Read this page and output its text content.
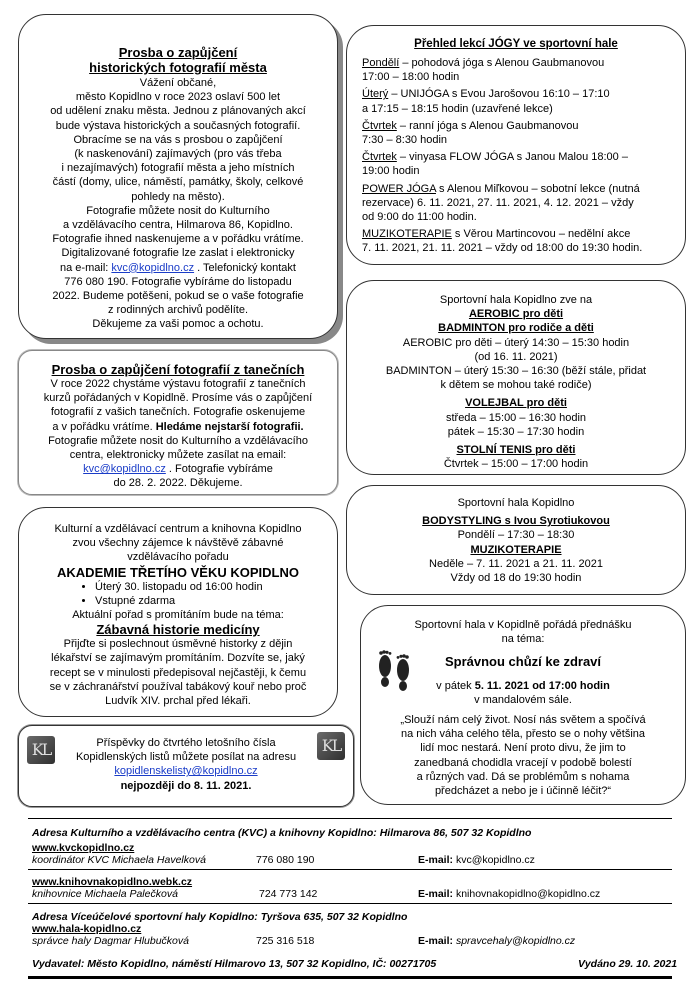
Prosba o zapůjčení

historických fotografií města

Vážení občané,

město Kopidlno v roce 2023 oslaví 500 let

od udělení znaku města. Jednou z plánovaných akcí

bude výstava historických a současných fotografií.

Obracíme se na vás s prosbou o zapůjčení

(k naskenování) zajímavých (pro vás třeba

i nezajímavých) fotografií města a jeho místních

částí (domy, ulice, náměstí, památky, školy, celkové

pohledy na město).

Fotografie můžete nosit do Kulturního

a vzdělávacího centra, Hilmarova 86, Kopidlno.

Fotografie ihned naskenujeme a v pořádku vrátíme.

Digitalizované fotografie lze zaslat i elektronicky

na e-mail: kvc@kopidlno.cz . Telefonický kontakt

776 080 190. Fotografie vybíráme do listopadu

2022. Budeme potěšeni, pokud se o vaše fotografie

z rodinných archivů podělíte.

Děkujeme za vaši pomoc a ochotu.

Prosba o zapůjčení fotografií z tanečních

V roce 2022 chystáme výstavu fotografií z tanečních

kurzů pořádaných v Kopidlně. Prosíme vás o zapůjčení

fotografií z vašich tanečních. Fotografie oskenujeme

a v pořádku vrátíme. Hledáme nejstarší fotografii.

Fotografie můžete nosit do Kulturního a vzdělávacího

centra, elektronicky můžete zasílat na email:

kvc@kopidlno.cz . Fotografie vybíráme

do 28. 2. 2022. Děkujeme.

Kulturní a vzdělávací centrum a knihovna Kopidlno

zvou všechny zájemce k návštěvě zábavné

vzdělávacího pořadu

AKADEMIE TŘETÍHO VĚKU KOPIDLNO

• Úterý 30. listopadu od 16:00 hodin
• Vstupné zdarma

Aktuální pořad s promítáním bude na téma:

Zábavná historie medicíny

Přijďte si poslechnout úsměvné historky z dějin

lékařství se zajímavým promítáním. Dozvíte se, jaký

recept se v minulosti předepisoval nejčastěji, k čemu

se v záchranářství používal tabákový kouř nebo proč

Ludvík XIV. prchal před lékaři.

KL	KL

Příspěvky do čtvrtého letošního čísla

Kopidlenských listů můžete posílat na adresu

kopidlenskelisty@kopidlno.cz

nejpozději do 8. 11. 2021.

Přehled lekcí JÓGY ve sportovní hale

Pondělí – pohodová jóga s Alenou Gaubmanovou

17:00 – 18:00 hodin

Úterý – UNIJÓGA s Evou Jarošovou 16:10 – 17:10

a 17:15 – 18:15 hodin (uzavřené lekce)

Čtvrtek – ranní jóga s Alenou Gaubmanovou

7:30 – 8:30 hodin

Čtvrtek – vinyasa FLOW JÓGA s Janou Malou 18:00 –

19:00 hodin

POWER JÓGA s Alenou Miľkovou – sobotní lekce (nutná

rezervace) 6. 11. 2021, 27. 11. 2021, 4. 12. 2021 – vždy

od 9:00 do 11:00 hodin.

MUZIKOTERAPIE s Věrou Martincovou – nedělní akce

7. 11. 2021, 21. 11. 2021 – vždy od 18:00 do 19:30 hodin.

Sportovní hala Kopidlno zve na

AEROBIC pro děti

BADMINTON pro rodiče a děti

AEROBIC pro děti – úterý 14:30 – 15:30 hodin

(od 16. 11. 2021)

BADMINTON – úterý 15:30 – 16:30 (běží stále, přidat

k dětem se mohou také rodiče)

VOLEJBAL pro děti

středa – 15:00 – 16:30 hodin

pátek – 15:30 – 17:30 hodin

STOLNÍ TENIS pro děti

Čtvrtek – 15:00 – 17:00 hodin

Sportovní hala Kopidlno

BODYSTYLING s Ivou Syrotiukovou

Pondělí – 17:30 – 18:30

MUZIKOTERAPIE

Neděle – 7. 11. 2021 a 21. 11. 2021

Vždy od 18 do 19:30 hodin

Sportovní hala v Kopidlně pořádá přednášku

na téma:

Správnou chůzí ke zdraví

v pátek 5. 11. 2021 od 17:00 hodin

v mandalovém sále.

„Slouží nám celý život. Nosí nás světem a spočívá

na nich váha celého těla, přesto se o nohy většina

lidí moc nestará. Není proto divu, že jim to

zanedbaná chodidla vracejí v podobě bolestí

a různých vad. Dá se problémům s nohama

předcházet a nebo je i účinně léčit?“

Adresa Kulturního a vzdělávacího centra (KVC) a knihovny Kopidlno: Hilmarova 86, 507 32 Kopidlno
www.kvckopidlno.cz
koordinátor KVC Michaela Havelková	776 080 190	E-mail: kvc@kopidlno.cz
www.knihovnakopidlno.webk.cz
knihovnice Michaela Palečková	724 773 142	E-mail: knihovnakopidlno@kopidlno.cz
Adresa Víceúčelové sportovní haly Kopidlno: Tyršova 635, 507 32 Kopidlno
www.hala-kopidlno.cz
správce haly Dagmar Hlubučková	725 316 518	E-mail: spravcehaly@kopidlno.cz
Vydavatel: Město Kopidlno, náměstí Hilmarovo 13, 507 32 Kopidlno, IČ: 00271705	Vydáno 29. 10. 2021
